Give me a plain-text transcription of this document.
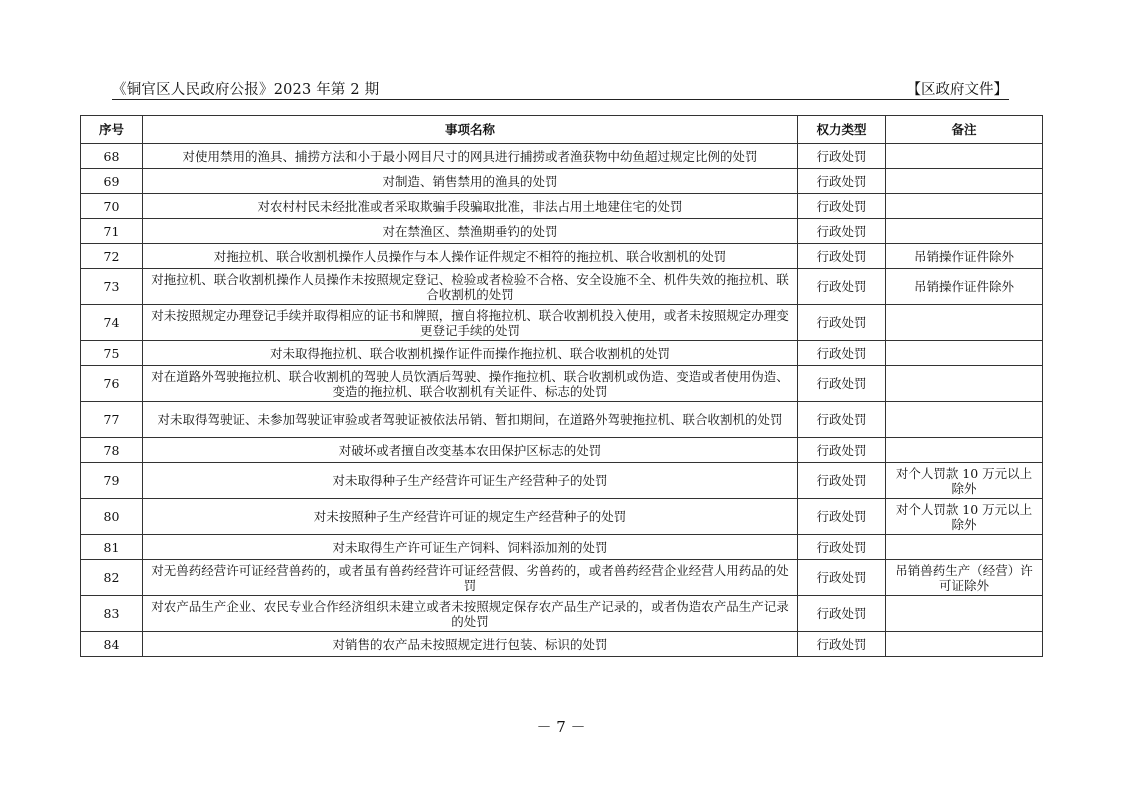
《铜官区人民政府公报》2023 年第 2 期	【区政府文件】
序号	事项名称	权力类型	备注
68	对使用禁用的渔具、捕捞方法和小于最小网目尺寸的网具进行捕捞或者渔获物中幼鱼超过规定比例的处罚	行政处罚	
69	对制造、销售禁用的渔具的处罚	行政处罚	
70	对农村村民未经批准或者采取欺骗手段骗取批准，非法占用土地建住宅的处罚	行政处罚	
71	对在禁渔区、禁渔期垂钓的处罚	行政处罚	
72	对拖拉机、联合收割机操作人员操作与本人操作证件规定不相符的拖拉机、联合收割机的处罚	行政处罚	吊销操作证件除外
73	对拖拉机、联合收割机操作人员操作未按照规定登记、检验或者检验不合格、安全设施不全、机件失效的拖拉机、联合收割机的处罚	行政处罚	吊销操作证件除外
74	对未按照规定办理登记手续并取得相应的证书和牌照，擅自将拖拉机、联合收割机投入使用，或者未按照规定办理变更登记手续的处罚	行政处罚	
75	对未取得拖拉机、联合收割机操作证件而操作拖拉机、联合收割机的处罚	行政处罚	
76	对在道路外驾驶拖拉机、联合收割机的驾驶人员饮酒后驾驶、操作拖拉机、联合收割机或伪造、变造或者使用伪造、变造的拖拉机、联合收割机有关证件、标志的处罚	行政处罚	
77	对未取得驾驶证、未参加驾驶证审验或者驾驶证被依法吊销、暂扣期间，在道路外驾驶拖拉机、联合收割机的处罚	行政处罚	
78	对破坏或者擅自改变基本农田保护区标志的处罚	行政处罚	
79	对未取得种子生产经营许可证生产经营种子的处罚	行政处罚	对个人罚款 10 万元以上除外
80	对未按照种子生产经营许可证的规定生产经营种子的处罚	行政处罚	对个人罚款 10 万元以上除外
81	对未取得生产许可证生产饲料、饲料添加剂的处罚	行政处罚	
82	对无兽药经营许可证经营兽药的，或者虽有兽药经营许可证经营假、劣兽药的，或者兽药经营企业经营人用药品的处罚	行政处罚	吊销兽药生产（经营）许可证除外
83	对农产品生产企业、农民专业合作经济组织未建立或者未按照规定保存农产品生产记录的，或者伪造农产品生产记录的处罚	行政处罚	
84	对销售的农产品未按照规定进行包装、标识的处罚	行政处罚	
－ 7 －
